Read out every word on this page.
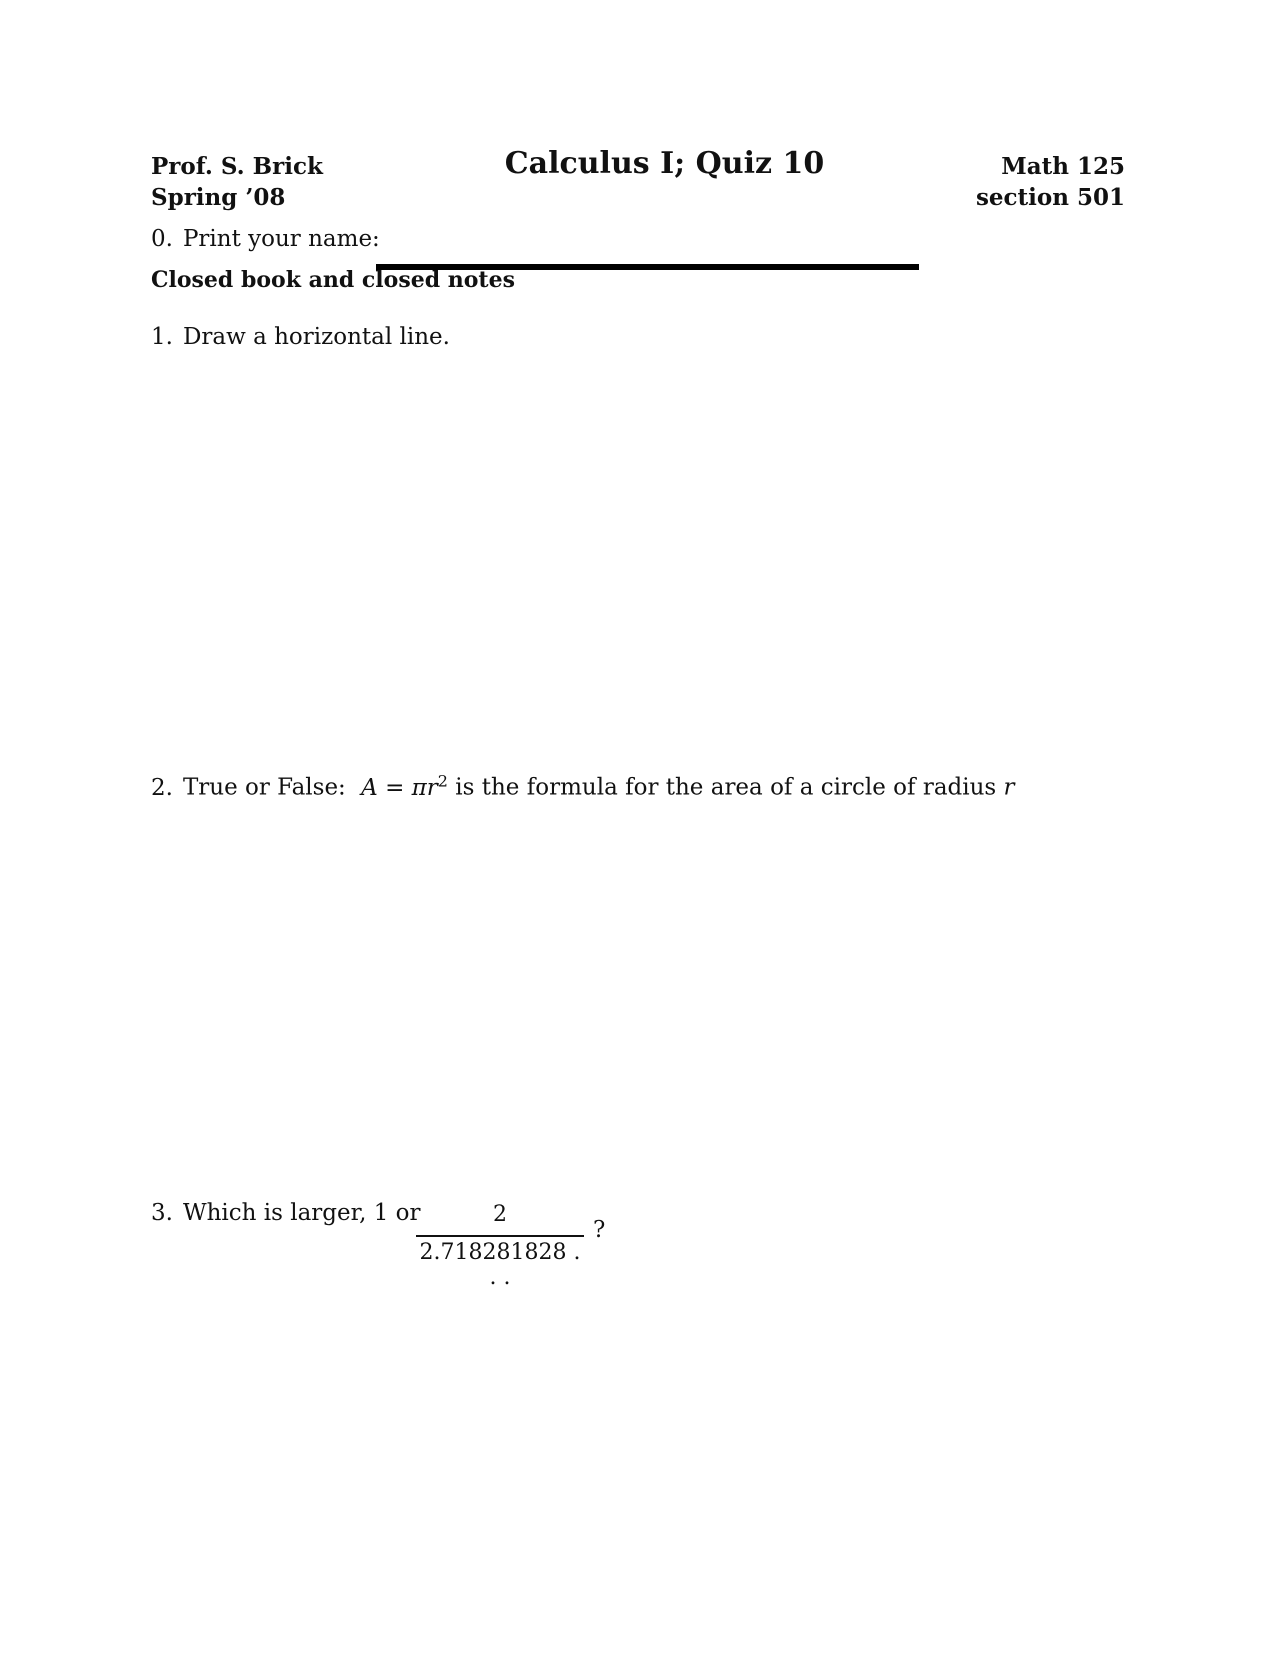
Prof. S. Brick
Spring ’08
Calculus I; Quiz 10	Math 125
section 501
0. Print your name:
Closed book and closed notes
1. Draw a horizontal line.
2. True or False: $A = \pi r^2$ is the formula for the area of a circle of radius r
3. Which is larger, 1 or	2
2.718281828 . . .
?
